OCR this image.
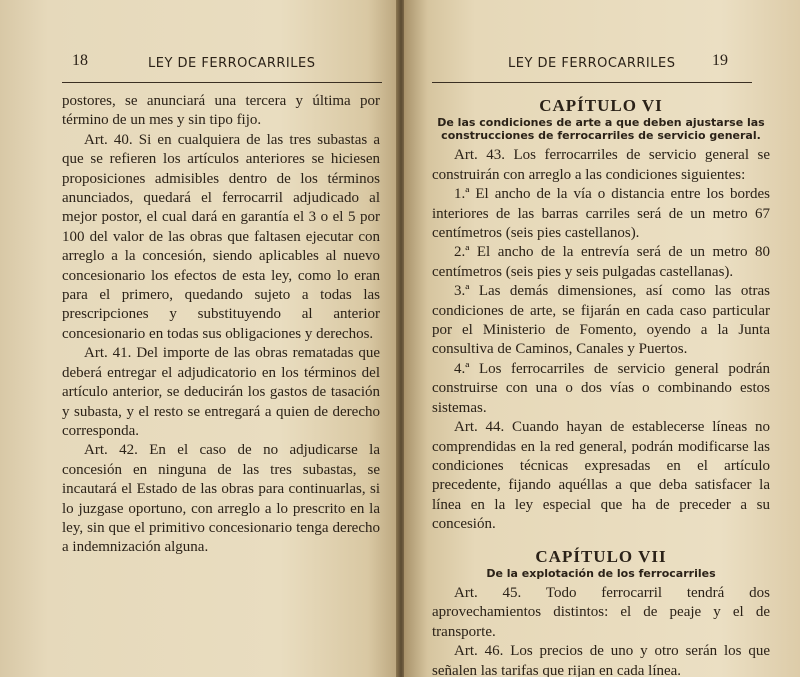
18	LEY DE FERROCARRILES

postores, se anunciará una tercera y última por término de un mes y sin tipo fijo.

Art. 40. Si en cualquiera de las tres subastas a que se refieren los artículos anteriores se hiciesen proposiciones admisibles dentro de los términos anunciados, quedará el ferrocarril adjudicado al mejor postor, el cual dará en garantía el 3 o el 5 por 100 del valor de las obras que faltasen ejecutar con arreglo a la concesión, siendo aplicables al nuevo concesionario los efectos de esta ley, como lo eran para el primero, quedando sujeto a todas las prescripciones y substituyendo al anterior concesionario en todas sus obligaciones y derechos.

Art. 41. Del importe de las obras rematadas que deberá entregar el adjudicatorio en los términos del artículo anterior, se deducirán los gastos de tasación y subasta, y el resto se entregará a quien de derecho corresponda.

Art. 42. En el caso de no adjudicarse la concesión en ninguna de las tres subastas, se incautará el Estado de las obras para continuarlas, si lo juzgase oportuno, con arreglo a lo prescrito en la ley, sin que el primitivo concesionario tenga derecho a indemnización alguna.

LEY DE FERROCARRILES 19
CAPÍTULO VI
De las condiciones de arte a que deben ajustarse las construcciones de ferrocarriles de servicio general.

Art. 43. Los ferrocarriles de servicio general se construirán con arreglo a las condiciones siguientes:

1.ª El ancho de la vía o distancia entre los bordes interiores de las barras carriles será de un metro 67 centímetros (seis pies castellanos).

2.ª El ancho de la entrevía será de un metro 80 centímetros (seis pies y seis pulgadas castellanas).

3.ª Las demás dimensiones, así como las otras condiciones de arte, se fijarán en cada caso particular por el Ministerio de Fomento, oyendo a la Junta consultiva de Caminos, Canales y Puertos.

4.ª Los ferrocarriles de servicio general podrán construirse con una o dos vías o combinando estos sistemas.

Art. 44. Cuando hayan de establecerse líneas no comprendidas en la red general, podrán modificarse las condiciones técnicas expresadas en el artículo precedente, fijando aquéllas a que deba satisfacer la línea en la ley especial que ha de preceder a su concesión.

CAPÍTULO VII
De la explotación de los ferrocarriles

Art. 45. Todo ferrocarril tendrá dos aprovechamientos distintos: el de peaje y el de transporte.

Art. 46. Los precios de uno y otro serán los que señalen las tarifas que rijan en cada línea.
